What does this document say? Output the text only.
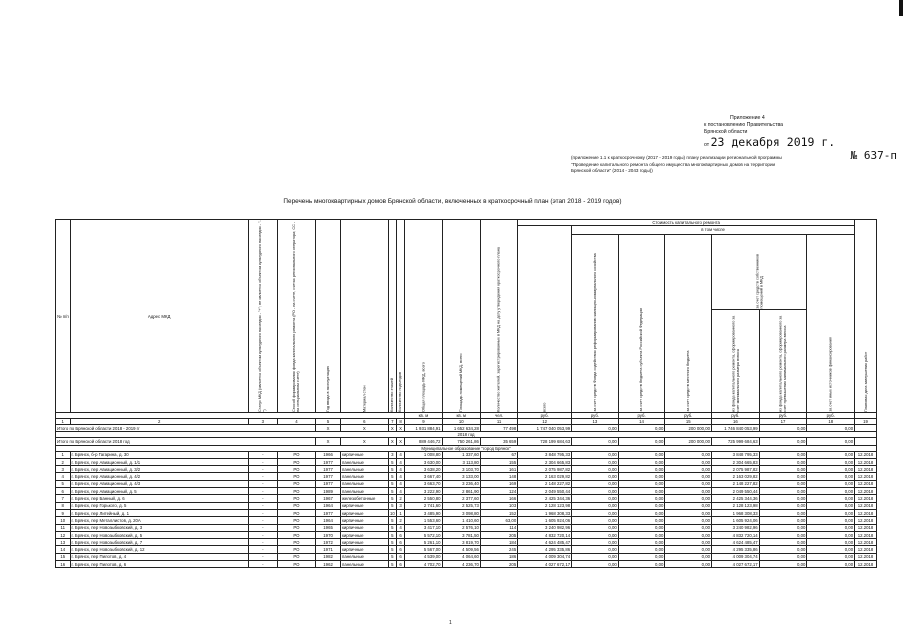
Приложение 4
к постановлению Правительства
Брянской области
от 23 декабря 2019 г.
№ 637-п
(приложение 1.1 к краткосрочному (2017 - 2019 годы) плану реализации региональной программы
"Проведение капитального ремонта общего имущества многоквартирных домов на территории
Брянской области" (2014 - 2043 годы))
Перечень многоквартирных домов Брянской области, включенных в краткосрочный план (этап 2018 - 2019 годов)
№ п/п	Адрес МКД	Статус МКД (является объектом культурного наследия - "+"; не является объектом культурного наследия - "-")	Способ формирования фонда капитального ремонта (РО - на счете, счетах регионального оператора; СС - на специальном счете)	Год ввода в эксплуатацию	Материал стен	Количество этажей	Количество подъездов	Общая площадь МКД, всего	Площадь помещений МКД, всего	Количество жителей, зарегистрированных в МКД на дату утверждения краткосрочного плана	Стоимость капитального ремонта							Плановая дата завершения работ
											всего	в том числе						
												за счет средств Фонда содействия реформированию жилищно-коммунального хозяйства	за счет средств бюджета субъекта Российской Федерации	за счет средств местного бюджета	за счет средств собственников помещений в МКД		за счет иных источников финансирования	
															из фонда капитального ремонта, сформированного за счет минимального размера взноса	из фонда капитального ремонта, сформированного за счет превышения минимального размера взноса		
								кв. м	кв. м	чел.	руб.	руб.	руб.	руб.	руб.	руб.	руб.	
1	2	3	4	5	6	7	8	9	10	11	12	13	14	15	16	17	18	19
Итого по Брянской области 2018 - 2019 гг				X	X	X	X	1 931 884,91	1 652 634,28	77 498	1 747 040 053,99	0,00	0,00	200 000,00	1 746 840 053,99	0,00	0,00	
2018 год																		
Итого по Брянской области 2018 год				X	X	X	X	889 446,72	750 261,86	35 659	728 199 684,63	0,00	0,00	200 000,00	725 999 684,63	0,00	0,00	
Муниципальное образование "город Брянск"																		
1	г. Брянск, б-р Гагарина, д. 30	-	РО	1966	кирпичные	3	4	1 008,80	1 337,60	67	3 848 795,33	0,00	0,00	0,00	3 848 795,33	0,00	0,00	12.2018
2	г. Брянск, пер Авиационный, д. 1/1	-	РО	1977	панельные	5	4	3 630,00	3 113,80	155	2 304 665,83	0,00	0,00	0,00	2 304 665,83	0,00	0,00	12.2018
3	г. Брянск, пер Авиационный, д. 3/2	-	РО	1977	панельные	5	4	3 638,20	3 103,70	161	2 075 987,82	0,00	0,00	0,00	2 075 987,82	0,00	0,00	12.2018
4	г. Брянск, пер Авиационный, д. 4/2	-	РО	1977	панельные	5	4	3 667,40	3 133,00	148	2 163 029,82	0,00	0,00	0,00	2 163 029,82	0,00	0,00	12.2018
5	г. Брянск, пер Авиационный, д. 4/3	-	РО	1977	панельные	5	4	3 663,70	3 236,40	169	2 148 227,82	0,00	0,00	0,00	2 148 227,82	0,00	0,00	12.2018
6	г. Брянск, пер Авиационный, д. 5	-	РО	1989	панельные	5	4	3 222,90	2 861,90	124	2 049 550,44	0,00	0,00	0,00	2 049 550,44	0,00	0,00	12.2018
7	г. Брянск, пер Банный, д. 6	-	РО	1967	железобетонные	5	2	2 550,80	2 377,60	166	2 425 344,36	0,00	0,00	0,00	2 425 344,36	0,00	0,00	12.2018
8	г. Брянск, пер Горького, д. 5	-	РО	1964	кирпичные	5	3	2 741,60	2 525,73	103	2 128 123,98	0,00	0,00	0,00	2 128 123,98	0,00	0,00	12.2018
9	г. Брянск, пер Литейный, д. 1	-	РО	1977	кирпичные	10	1	3 485,90	3 098,80	152	1 968 308,33	0,00	0,00	0,00	1 968 308,33	0,00	0,00	12.2018
10	г. Брянск, пер Металлистов, д. 20А	-	РО	1964	кирпичные	5	2	1 553,60	1 410,60	63,00	1 605 924,06	0,00	0,00	0,00	1 605 924,06	0,00	0,00	12.2018
11	г. Брянск, пер Новозыбковский, д. 3	-	РО	1965	кирпичные	5	4	3 417,10	2 576,10	114	3 240 982,96	0,00	0,00	0,00	3 240 982,96	0,00	0,00	12.2018
12	г. Брянск, пер Новозыбковский, д. 5	-	РО	1970	кирпичные	5	6	5 572,10	3 781,50	205	4 832 720,14	0,00	0,00	0,00	4 832 720,14	0,00	0,00	12.2018
13	г. Брянск, пер Новозыбковский, д. 7	-	РО	1972	кирпичные	5	6	5 261,10	3 819,70	184	4 624 485,47	0,00	0,00	0,00	4 624 485,47	0,00	0,00	12.2018
14	г. Брянск, пер Новозыбковский, д. 12	-	РО	1971	кирпичные	5	6	5 567,00	4 509,56	245	4 295 335,86	0,00	0,00	0,00	4 295 335,86	0,00	0,00	12.2018
15	г. Брянск, пер Пилотов, д. 4	-	РО	1982	панельные	5	6	4 539,00	4 064,60	186	4 009 304,74	0,00	0,00	0,00	4 009 304,74	0,00	0,00	12.2018
16	г. Брянск, пер Пилотов, д. 6	-	РО	1962	панельные	5	6	4 702,70	4 236,70	205	4 027 672,17	0,00	0,00	0,00	4 027 672,17	0,00	0,00	12.2018
1
